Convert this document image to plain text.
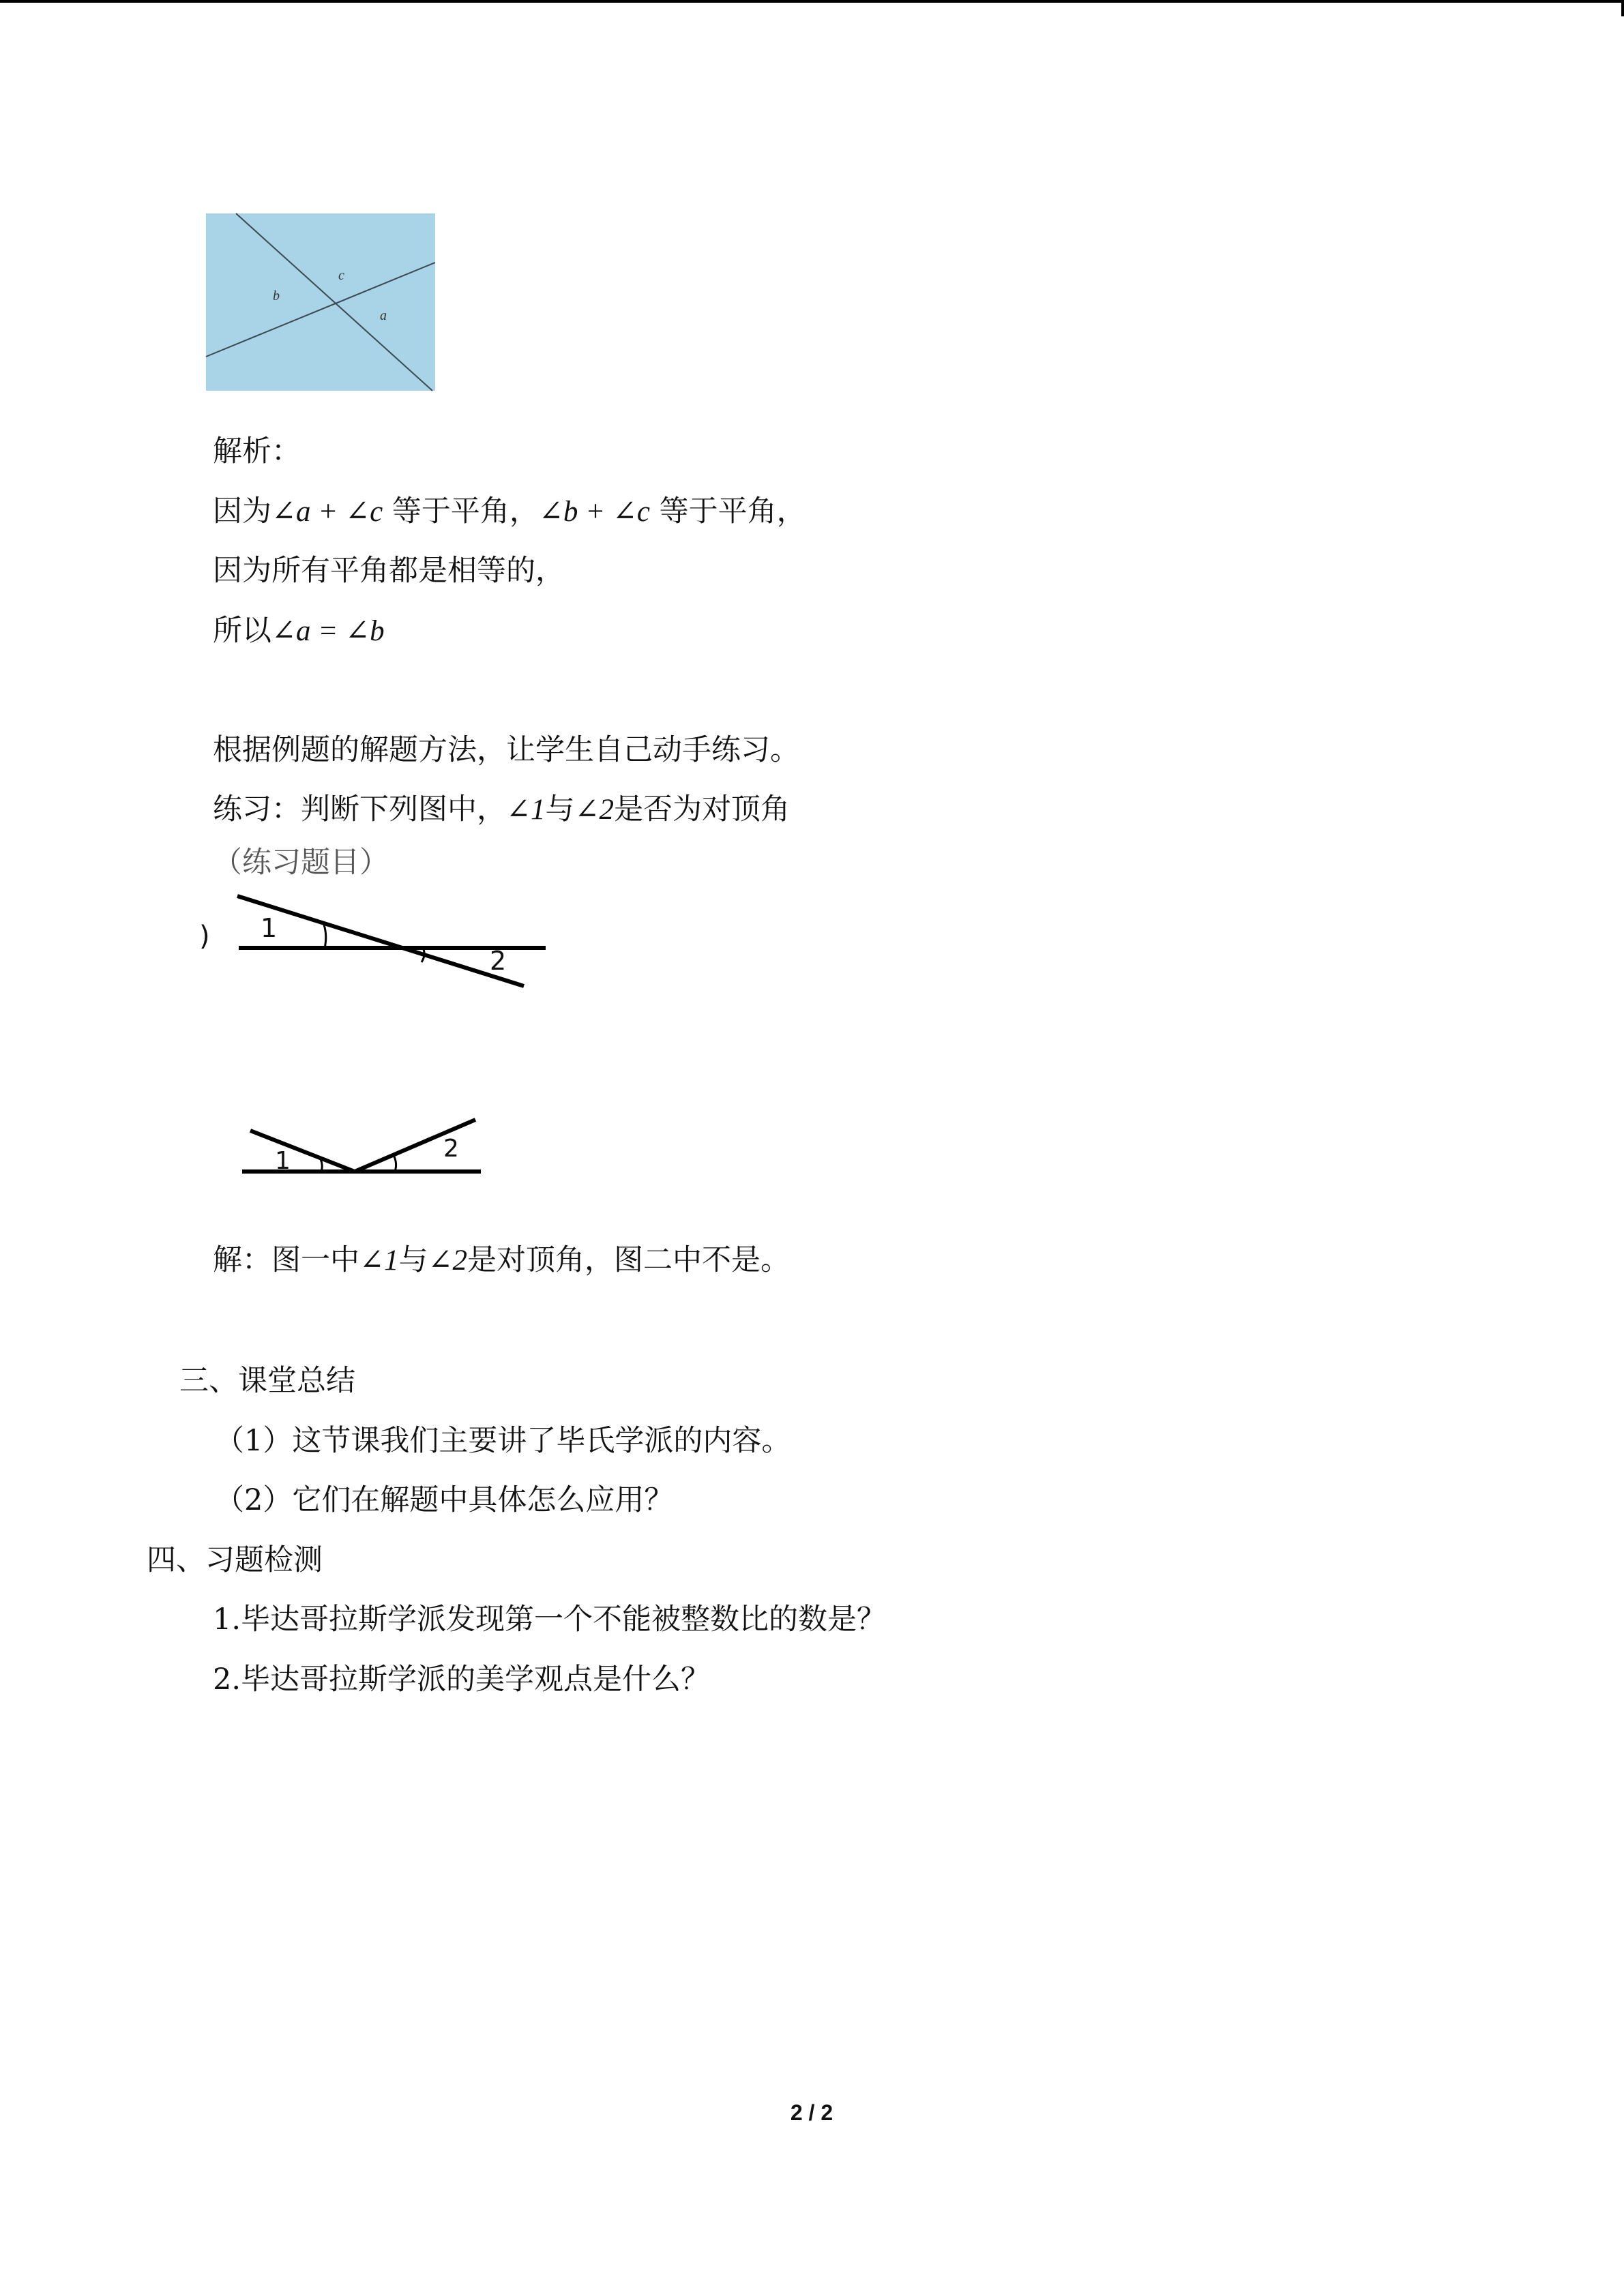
c
b
a
解析：
因为∠a + ∠c 等于平角，∠b + ∠c 等于平角，
因为所有平角都是相等的，
所以∠a = ∠b
根据例题的解题方法，让学生自己动手练习。
练习：判断下列图中，∠1与∠2是否为对顶角
（练习题目）
) 1
2
1	2
解：图一中∠1与∠2是对顶角，图二中不是。
三、课堂总结
（1）这节课我们主要讲了毕氏学派的内容。
（2）它们在解题中具体怎么应用？
四、习题检测
1.毕达哥拉斯学派发现第一个不能被整数比的数是？
2.毕达哥拉斯学派的美学观点是什么？
2 / 2
